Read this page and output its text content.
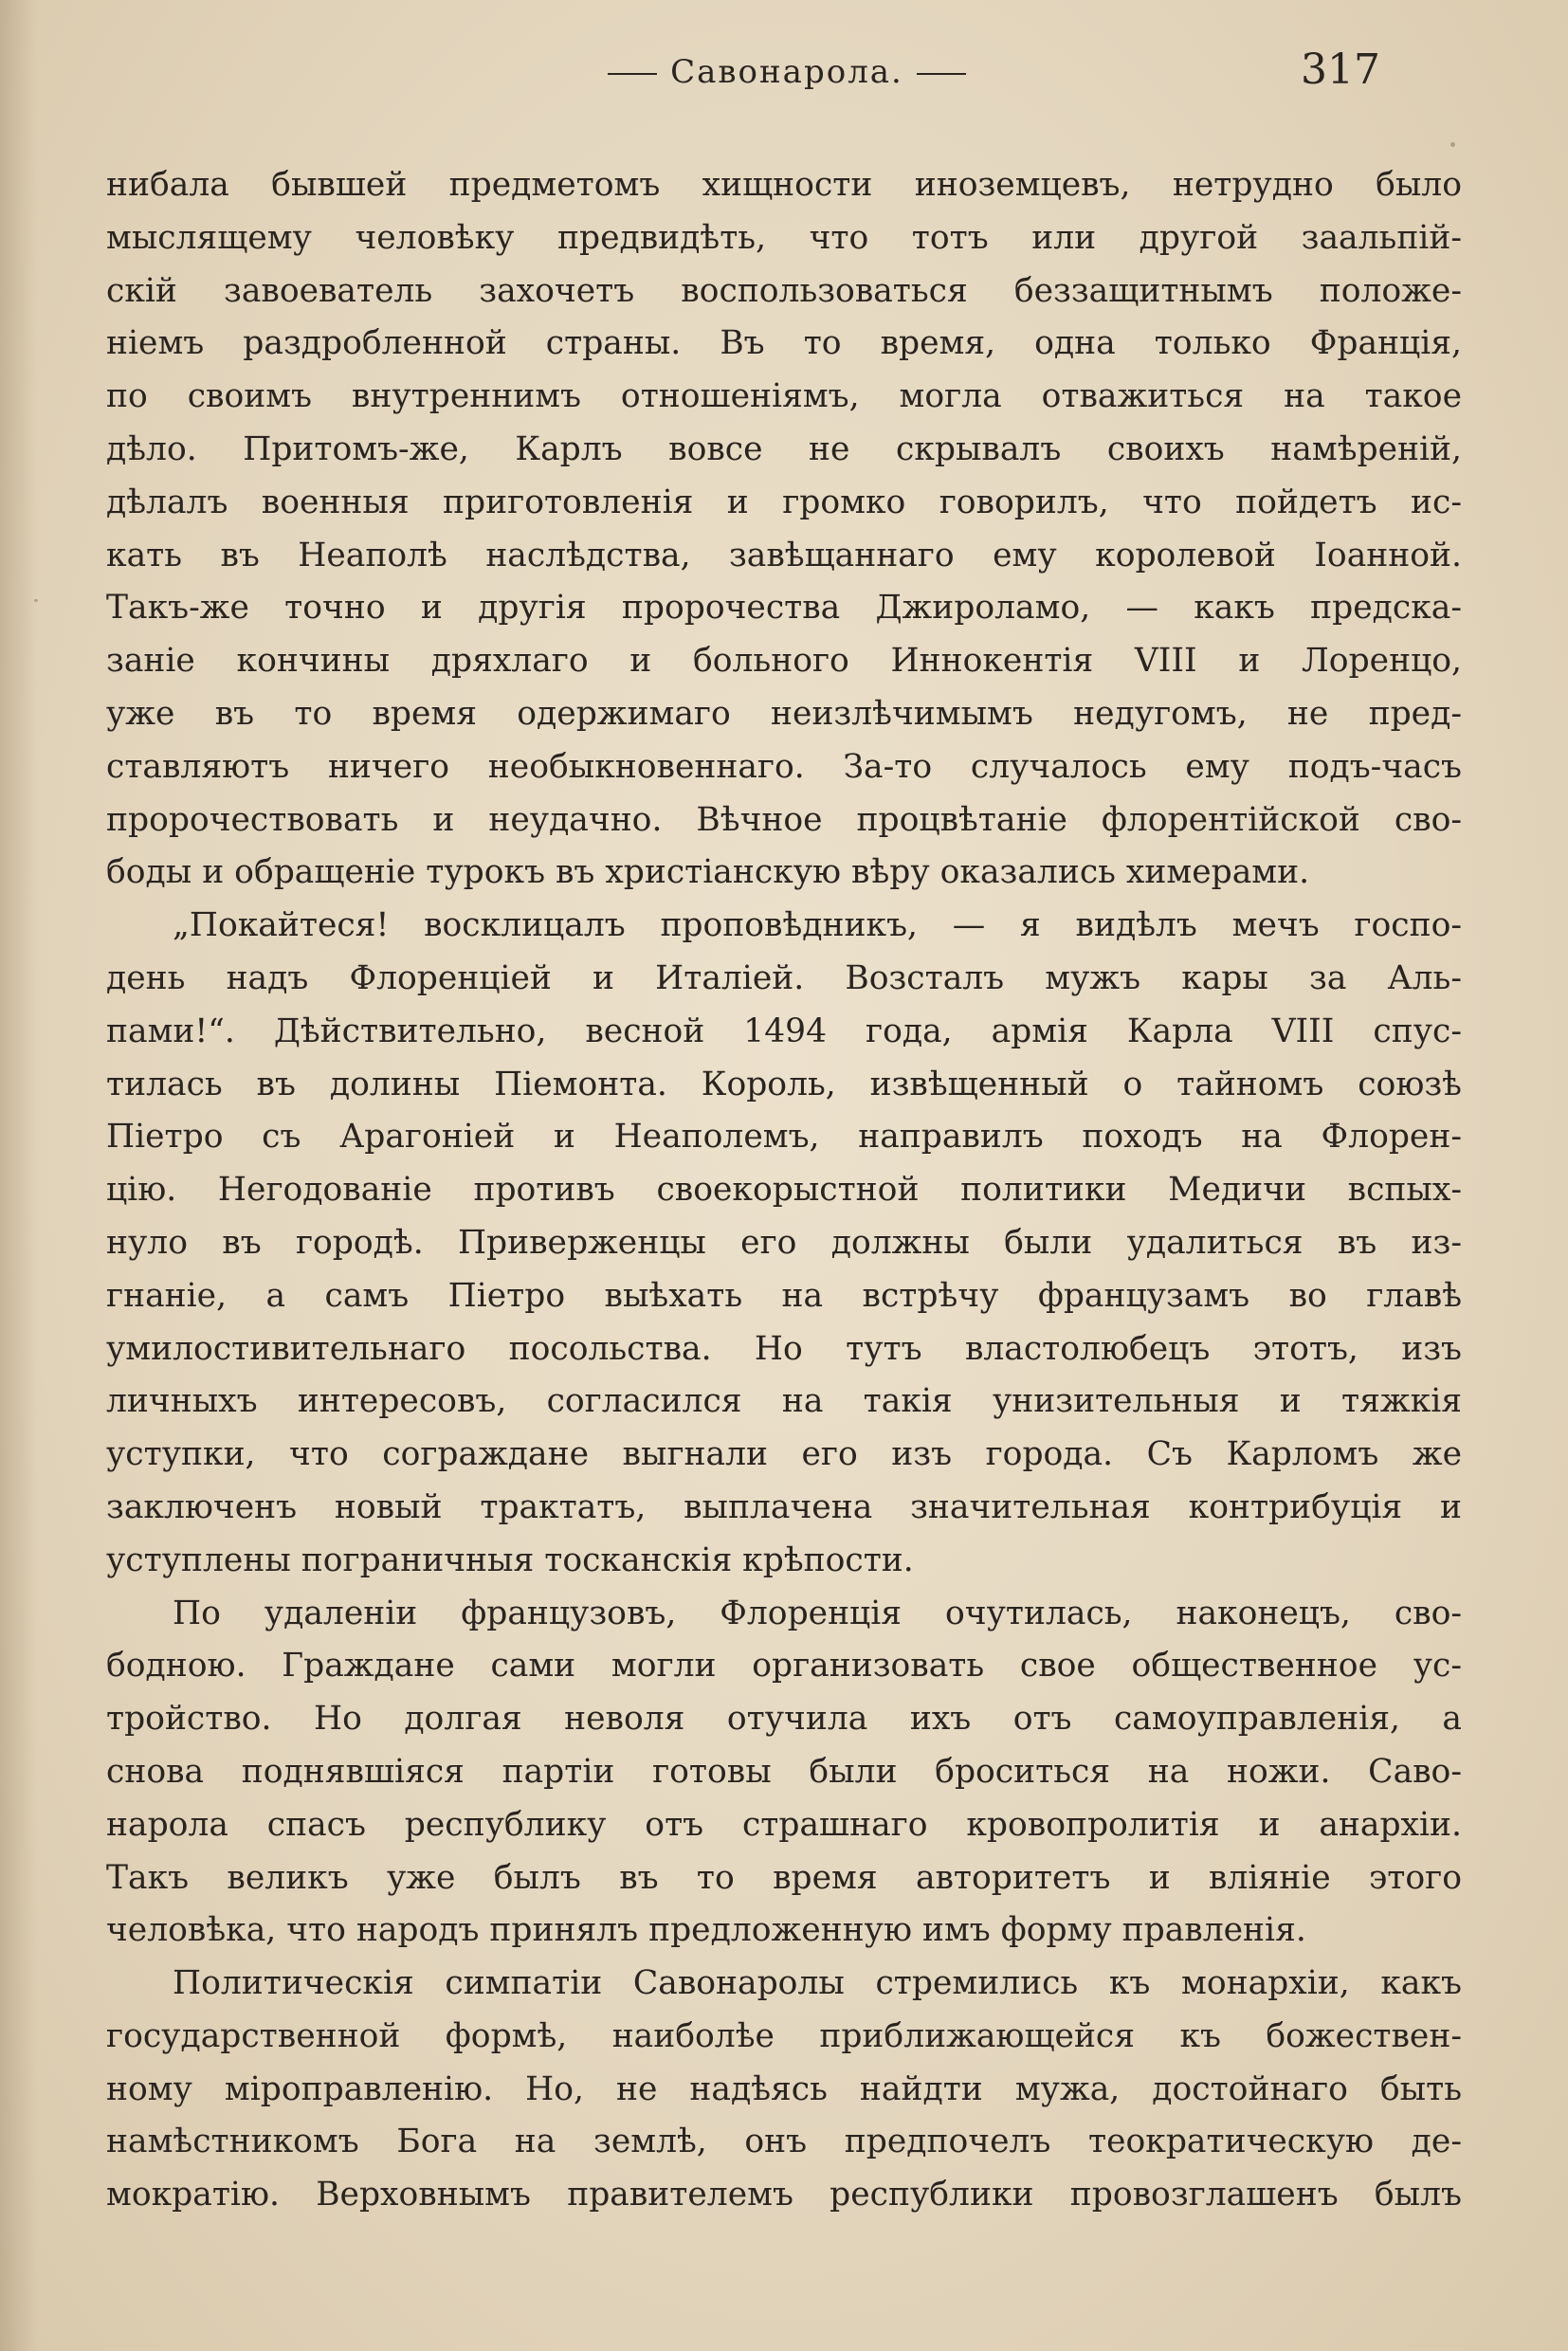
Савонарола.	317
нибала бывшей предметомъ хищности иноземцевъ, нетрудно было
мыслящему человѣку предвидѣть, что тотъ или другой заальпій-
скій завоеватель захочетъ воспользоваться беззащитнымъ положе-
ніемъ раздробленной страны. Въ то время, одна только Франція,
по своимъ внутреннимъ отношеніямъ, могла отважиться на такое
дѣло. Притомъ-же, Карлъ вовсе не скрывалъ своихъ намѣреній,
дѣлалъ военныя приготовленія и громко говорилъ, что пойдетъ ис-
кать въ Неаполѣ наслѣдства, завѣщаннаго ему королевой Іоанной.
Такъ-же точно и другія пророчества Джироламо, — какъ предска-
заніе кончины дряхлаго и больного Иннокентія VIII и Лоренцо,
уже въ то время одержимаго неизлѣчимымъ недугомъ, не пред-
ставляютъ ничего необыкновеннаго. За-то случалось ему подъ-часъ
пророчествовать и неудачно. Вѣчное процвѣтаніе флорентійской сво-
боды и обращеніе турокъ въ христіанскую вѣру оказались химерами.
„Покайтеся! восклицалъ проповѣдникъ, — я видѣлъ мечъ госпо-
день надъ Флоренціей и Италіей. Возсталъ мужъ кары за Аль-
пами!“. Дѣйствительно, весной 1494 года, армія Карла VIII спус-
тилась въ долины Піемонта. Король, извѣщенный о тайномъ союзѣ
Піетро съ Арагоніей и Неаполемъ, направилъ походъ на Флорен-
цію. Негодованіе противъ своекорыстной политики Медичи вспых-
нуло въ городѣ. Приверженцы его должны были удалиться въ из-
гнаніе, а самъ Піетро выѣхать на встрѣчу французамъ во главѣ
умилостивительнаго посольства. Но тутъ властолюбецъ этотъ, изъ
личныхъ интересовъ, согласился на такія унизительныя и тяжкія
уступки, что сограждане выгнали его изъ города. Съ Карломъ же
заключенъ новый трактатъ, выплачена значительная контрибуція и
уступлены пограничныя тосканскія крѣпости.
По удаленіи французовъ, Флоренція очутилась, наконецъ, сво-
бодною. Граждане сами могли организовать свое общественное ус-
тройство. Но долгая неволя отучила ихъ отъ самоуправленія, а
снова поднявшіяся партіи готовы были броситься на ножи. Саво-
нарола спасъ республику отъ страшнаго кровопролитія и анархіи.
Такъ великъ уже былъ въ то время авторитетъ и вліяніе этого
человѣка, что народъ принялъ предложенную имъ форму правленія.
Политическія симпатіи Савонаролы стремились къ монархіи, какъ
государственной формѣ, наиболѣе приближающейся къ божествен-
ному міроправленію. Но, не надѣясь найдти мужа, достойнаго быть
намѣстникомъ Бога на землѣ, онъ предпочелъ теократическую де-
мократію. Верховнымъ правителемъ республики провозглашенъ былъ
